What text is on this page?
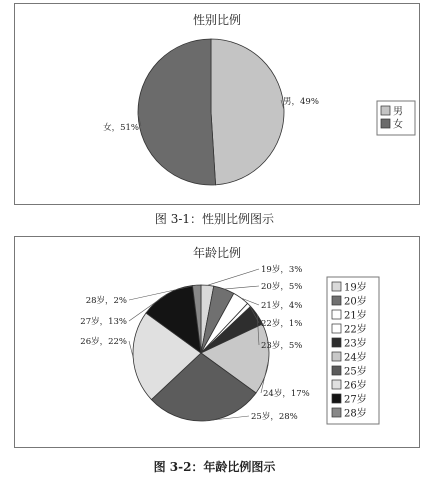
性别比例
男，49%
女，51%
男
女
图 3-1：性别比例图示
年龄比例
19岁，3%
20岁，5%
21岁，4%
22岁，1%
23岁，5%
24岁，17%
25岁，28%
26岁，22%
27岁，13%
28岁，2%
19岁
20岁
21岁
22岁
23岁
24岁
25岁
26岁
27岁
28岁
图 3-2：年龄比例图示
